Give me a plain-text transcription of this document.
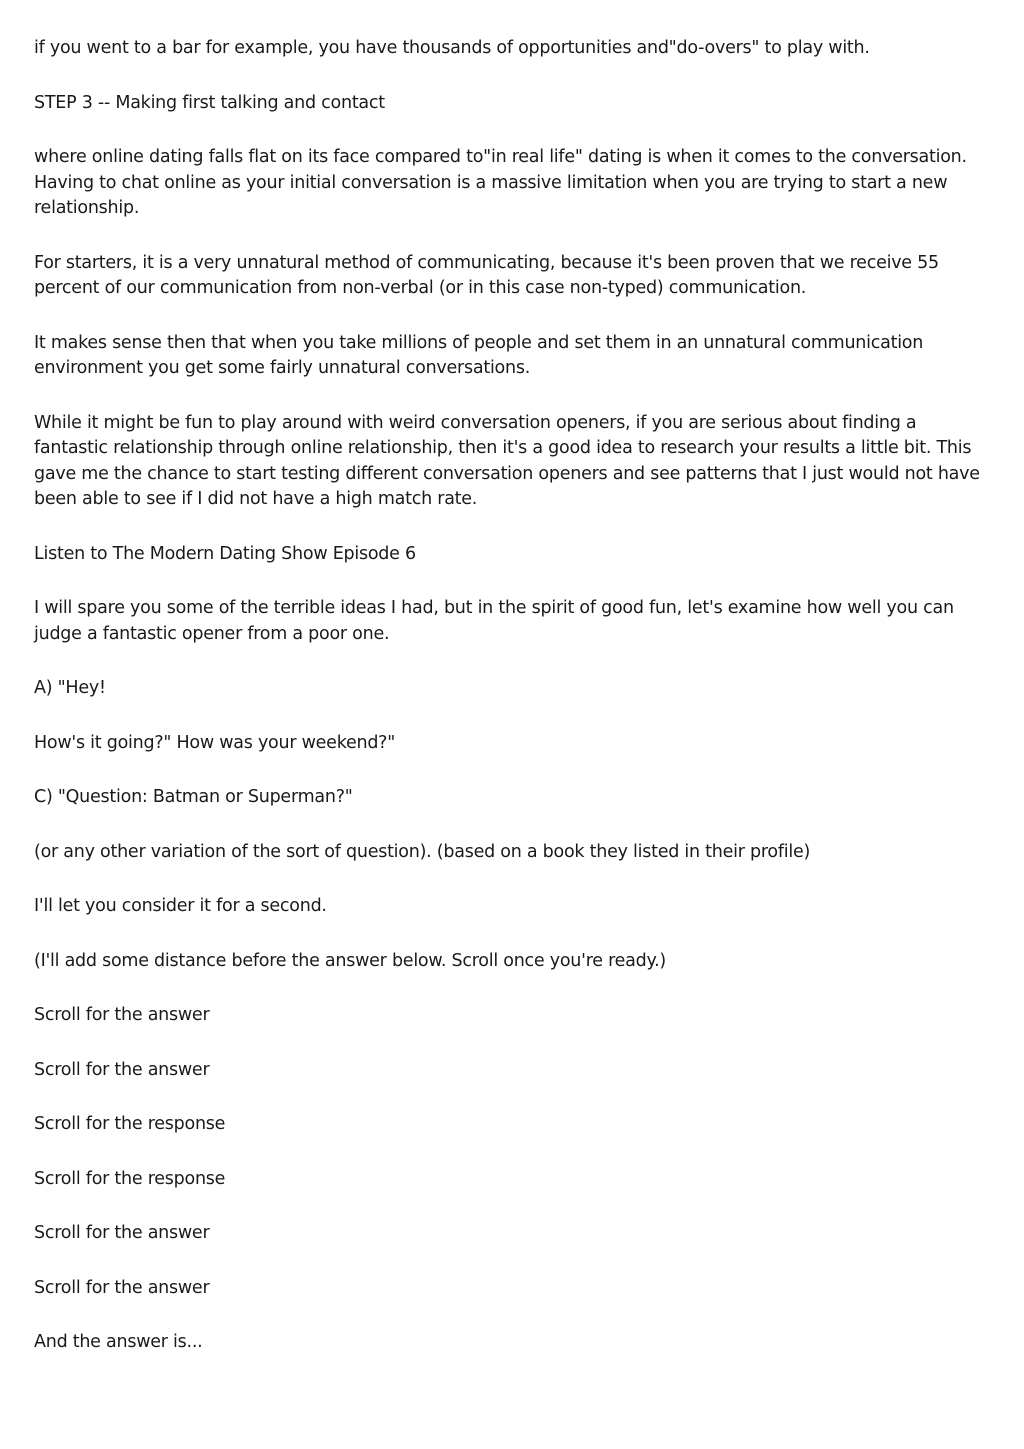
if you went to a bar for example, you have thousands of opportunities and"do-overs" to play with.

STEP 3 -- Making first talking and contact

where online dating falls flat on its face compared to"in real life" dating is when it comes to the conversation. Having to chat online as your initial conversation is a massive limitation when you are trying to start a new relationship.

For starters, it is a very unnatural method of communicating, because it's been proven that we receive 55 percent of our communication from non-verbal (or in this case non-typed) communication.

It makes sense then that when you take millions of people and set them in an unnatural communication environment you get some fairly unnatural conversations.

While it might be fun to play around with weird conversation openers, if you are serious about finding a fantastic relationship through online relationship, then it's a good idea to research your results a little bit. This gave me the chance to start testing different conversation openers and see patterns that I just would not have been able to see if I did not have a high match rate.

Listen to The Modern Dating Show Episode 6

I will spare you some of the terrible ideas I had, but in the spirit of good fun, let's examine how well you can judge a fantastic opener from a poor one.

A) "Hey!

How's it going?" How was your weekend?"

C) "Question: Batman or Superman?"

(or any other variation of the sort of question). (based on a book they listed in their profile)

I'll let you consider it for a second.

(I'll add some distance before the answer below. Scroll once you're ready.)

Scroll for the answer

Scroll for the answer

Scroll for the response

Scroll for the response

Scroll for the answer

Scroll for the answer

And the answer is...
